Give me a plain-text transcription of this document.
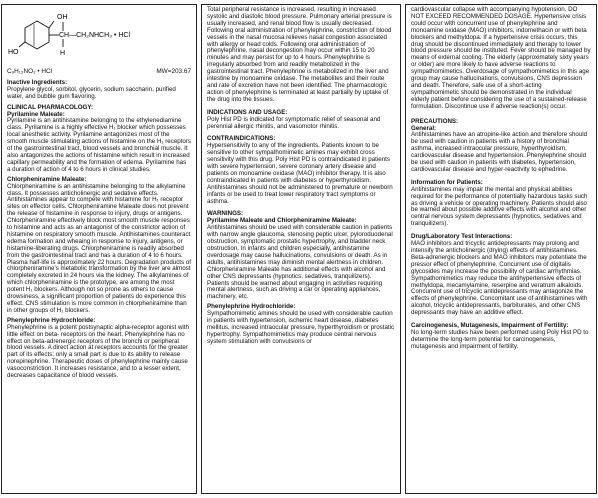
CH—CH₂NHCH₃ • HCl
OH
HO	H
C₉H₁₃NO₂ • HCl	MW=203.67
Inactive Ingredients:

Propylene glycol, sorbitol, glycerin, sodium saccharin, purified water, and bubble gum flavoring.

CLINICAL PHARMACOLOGY:
Pyrilamine Maleate:

Pyrilamine is an antihistamine belonging to the ethylenediamine class. Pyrilamine is a highly effective H₁ blocker which possesses local anesthetic activity. Pyrilamine antagonizes most of the smooth muscle stimulating actions of histamine on the H₁ receptors of the gastrointestinal tract, blood vessels and bronchial muscle. It also antagonizes the actions of histamine which result in increased capillary permeability and the formation of edema. Pyrilamine has a duration of action of 4 to 6 hours in clinical studies.

Chlorpheniramine Maleate:

Chlorpheniramine is an antihistamine belonging to the alkylamine class. It possesses anticholinergic and sedative effects. Antihistamines appear to compete with histamine for H₁ receptor sites on effector cells. Chlorpheniramine Maleate does not prevent the release of histamine in response to injury, drugs or antigens. Chlorpheniramine effectively block most smooth muscle responses to histamine and acts as an antagonist of the constrictor action of histamine on respiratory smooth muscle. Antihistamines counteract edema formation and wheaing in response to injury, antigens, or histamine-liberating drugs. Chlorpheniramine is readily absorbed from the gastrointestinal tract and has a duration of 4 to 6 hours. Plasma half-life is approximately 22 hours. Degradation products of chlorpheniramine's metabolic transformation by the liver are almost completely excreted in 24 hours via the kidney. The alkylamines of which chlorpheniramine is the prototype, are among the most potent H₁ blockers. Although not so prone as others to cause drowsiness, a significant proportion of patients do experience this effect. CNS stimulation is more common in chlorpheniramine than in other groups of H₁ blockers.

Phenylephrine Hydrochloride:

Phenylephrine is a potent postsynaptic alpha-receptor agonist with little effect on beta- receptors on the heart. Phenylephrine has no effect on beta-adrenergic receptors of the bronchi or peripheral blood vessels. A direct action at receptors accounts for the greater part of its effects; only a small part is due to its ability to release norepinephrine. Therapeutic doses of phenylephrine mainly cause vasoconstriction. It increases resistance, and to a lesser extent, decreases capacitance of blood vessels.

Total peripheral resistance is increased, resulting in increased systolic and diastolic blood pressure. Pulmonary arterial pressure is usually increased, and renal blood flow is usually decreased. Following oral administration of phenylephrine, constriction of blood vessels in the nasal mucosa relieves nasal congestion associated with allergy or head colds. Following oral administration of phenylephrine, nasal decongestion may occur within 15 to 20 minutes and may persist for up to 4 hours. Phenylephrine is irregularly absorbed from and readily metabolized in the gastrointestinal tract. Phenylephrine is metabolized in the liver and intestine by monoamine oxidase. The metabolites and their route and rate of excretion have not been identified. The pharmacologic action of phenylephrine is terminated at least partially by uptake of the drug into the tissues.

INDICATIONS AND USAGE:

Poly Hist PD is indicated for symptomatic relief of seasonal and perennial allergic rhinitis, and vasomotor rhinitis.

CONTRAINDICATIONS:

Hypersensitivity to any of the ingredients. Patients known to be sensitive to other sympathomimetic amines may exhibit cross sensitivity with this drug. Poly Hist PD is contraindicated in patients with severe hypertension, severe coronary artery disease and patients on monoamine oxidase (MAO) inhibitor therapy. It is also contraindicated in patients with diabetes or hyperthyroidism. Antihistamines should not be administered to premature or newborn infants or be used to treat lower respiratory tract symptoms or asthma.

WARNINGS:
Pyrilamine Maleate and Chlorpheniramine Maleate:

Antihistamines should be used with considerable caution in patients with narrow angle glaucoma, stenosing peptic ulcer, pyloroduodenal obstruction, symptomatic prostatic hypertrophy, and bladder neck obstruction. In infants and children especially, antihistamine overdosage may cause hallucinations, convulsions or death. As in adults, antihistamines may diminish mental alertness in children. Chlorpheniramine Maleate has additional effects with alcohol and other CNS depressants (hypnotics, sedatives, tranquilizers). Patients should be warned about engaging in activities requiring mental alertness, such as driving a car or operating appliances, machinery, etc.

Phenylephrine Hydrochloride:

Sympathomimetic amines should be used with considerable caution in patients with hypertension, ischemic heart disease, diabetes mellitus, increased intraocular pressure, hyperthyroidism or prostatic hypertrophy. Sympathomimetics may produce central nervous system stimulation with convulsions or

cardiovascular collapse with accompanying hypotension. DO NOT EXCEED RECOMMENDED DOSAGE. Hypertensive crisis could occur with concurrent use of phenylephrine and monoamine oxidase (MAO) inhibitors, indomethacin or with beta blockers and methyldopa. If a hypertensive crisis occurs, this drug should be discontinued immediately and therapy to lower blood pressure should be instituted. Fever should be managed by means of external cooling. The elderly (approximately sixty years or older) are more likely to have adverse reactions to sympathomimetics. Overdosage of sympathomimetics in this age group may cause hallucinations, convulsions, CNS depression and death. Therefore, safe use of a short-acting sympathomimetic should be demonstrated in the individual elderly patient before considering the use of a sustained-release formulation. Discontinue use if adverse reaction(s) occur.

PRECAUTIONS:
General:

Antihistamines have an atropine-like action and therefore should be used with caution in patients with a history of bronchial asthma, increased intraocular pressure, hyperthyroidism, cardiovascular disease and hypertension. Phenylephrine should be used with caution in patients with diabetes, hypertension, cardiovascular disease and hyper-reactivity to ephedrine.

Information for Patients:

Antihistamines may impair the mental and physical abilities required for the performance of potentially hazardous tasks such as driving a vehicle or operating machinery. Patients should also be warned about possible additive effects with alcohol and other central nervous system depressants (hypnotics, sedatives and tranquilizers).

Drug/Laboratory Test Interactions:

MAO inhibitors and tricyclic antidepressants may prolong and intensify the anticholinergic (drying) effects of antihistamines. Beta-adrenergic blockers and MAO inhibitors may potentiate the pressor effect of phenylephrine. Concurrent use of digitalis glycosides may increase the possibility of cardiac arrhythmias. Sympathomimetics may reduce the antihypertensive effects of methyldopa, mecamylamine, reserpine and veratrum alkaloids. Concurrent use of tricyclic antidepressants may antagonize the effects of phenylephrine. Concomitant use of antihistamines with alcohol, tricyclic antidepressants, barbiturates, and other CNS depressants may have an additive effect.

Carcinogenesis, Mutagenesis, Impairment of Fertility:

No long-term studies have been performed using Poly Hist PD to determine the long-term potential for carcinogenesis, mutagenesis and impairment of fertility.
